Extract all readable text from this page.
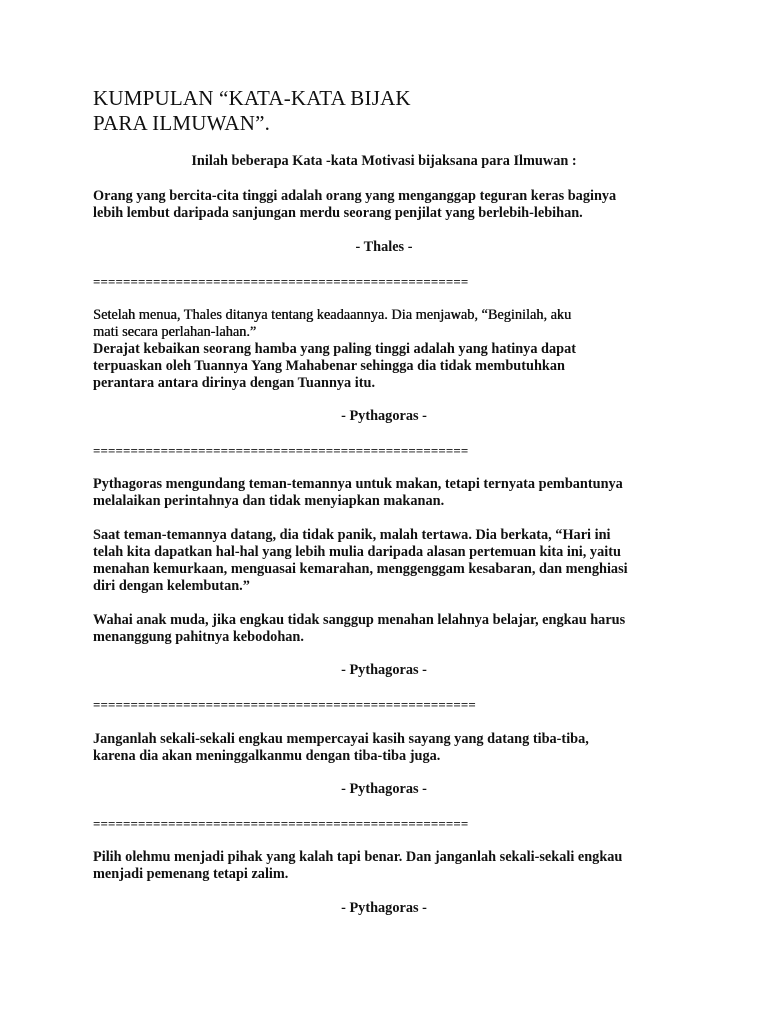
KUMPULAN “KATA-KATA BIJAK
PARA ILMUWAN”.

Inilah beberapa Kata -kata Motivasi bijaksana para Ilmuwan :

Orang yang bercita-cita tinggi adalah orang yang menganggap teguran keras baginya

lebih lembut daripada sanjungan merdu seorang penjilat yang berlebih-lebihan.

- Thales -

==================================================

Setelah menua, Thales ditanya tentang keadaannya. Dia menjawab, “Beginilah, aku

mati secara perlahan-lahan.”

Derajat kebaikan seorang hamba yang paling tinggi adalah yang hatinya dapat

terpuaskan oleh Tuannya Yang Mahabenar sehingga dia tidak membutuhkan

perantara antara dirinya dengan Tuannya itu.

- Pythagoras -

==================================================

Pythagoras mengundang teman-temannya untuk makan, tetapi ternyata pembantunya

melalaikan perintahnya dan tidak menyiapkan makanan.

Saat teman-temannya datang, dia tidak panik, malah tertawa. Dia berkata, “Hari ini

telah kita dapatkan hal-hal yang lebih mulia daripada alasan pertemuan kita ini, yaitu

menahan kemurkaan, menguasai kemarahan, menggenggam kesabaran, dan menghiasi

diri dengan kelembutan.”

Wahai anak muda, jika engkau tidak sanggup menahan lelahnya belajar, engkau harus

menanggung pahitnya kebodohan.

- Pythagoras -

===================================================

Janganlah sekali-sekali engkau mempercayai kasih sayang yang datang tiba-tiba,

karena dia akan meninggalkanmu dengan tiba-tiba juga.

- Pythagoras -

==================================================

Pilih olehmu menjadi pihak yang kalah tapi benar. Dan janganlah sekali-sekali engkau

menjadi pemenang tetapi zalim.

- Pythagoras -
